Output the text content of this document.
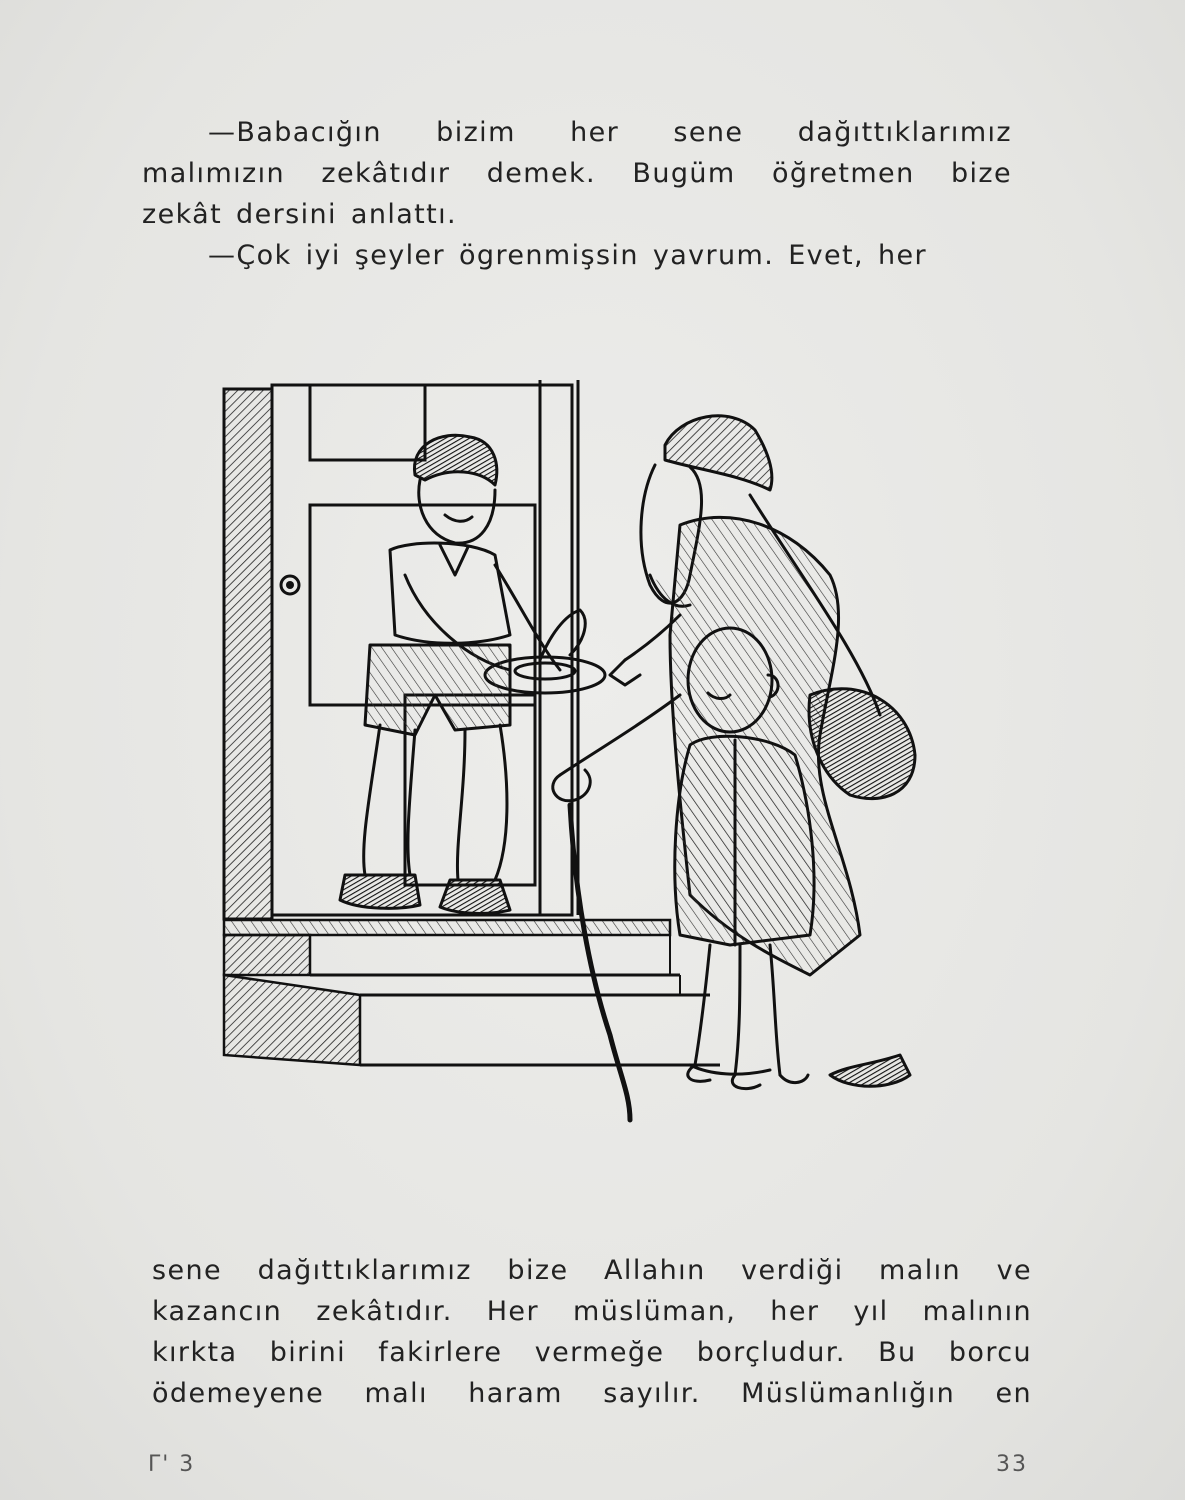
—Babacığın bizim her sene dağıttıklarımız
malımızın zekâtıdır demek. Bugüm öğretmen bize
zekât dersini anlattı.
—Çok iyi şeyler ögrenmişsin yavrum. Evet, her

sene dağıttıklarımız bize Allahın verdiği malın ve
kazancın zekâtıdır. Her müslüman, her yıl malının
kırkta birini fakirlere vermeğe borçludur. Bu borcu
ödemeyene malı haram sayılır. Müslümanlığın en

Γ' 3	33
